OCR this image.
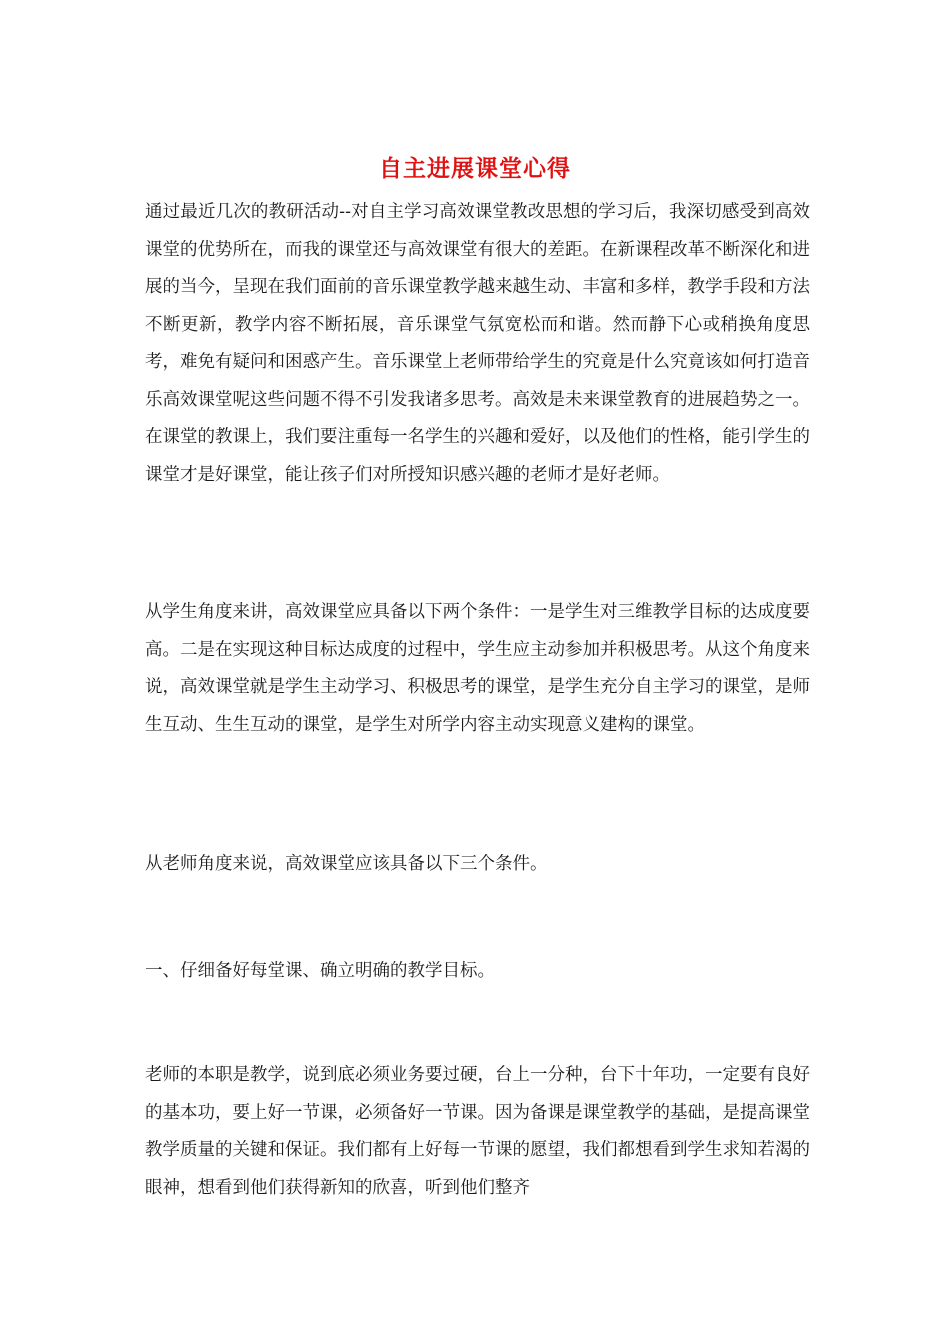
自主进展课堂心得

通过最近几次的教研活动--对自主学习高效课堂教改思想的学习后，我深切感受到高效课堂的优势所在，而我的课堂还与高效课堂有很大的差距。在新课程改革不断深化和进展的当今，呈现在我们面前的音乐课堂教学越来越生动、丰富和多样，教学手段和方法不断更新，教学内容不断拓展，音乐课堂气氛宽松而和谐。然而静下心或稍换角度思考，难免有疑问和困惑产生。音乐课堂上老师带给学生的究竟是什么究竟该如何打造音乐高效课堂呢这些问题不得不引发我诸多思考。高效是未来课堂教育的进展趋势之一。在课堂的教课上，我们要注重每一名学生的兴趣和爱好，以及他们的性格，能引学生的课堂才是好课堂，能让孩子们对所授知识感兴趣的老师才是好老师。

从学生角度来讲，高效课堂应具备以下两个条件：一是学生对三维教学目标的达成度要高。二是在实现这种目标达成度的过程中，学生应主动参加并积极思考。从这个角度来说，高效课堂就是学生主动学习、积极思考的课堂，是学生充分自主学习的课堂，是师生互动、生生互动的课堂，是学生对所学内容主动实现意义建构的课堂。

从老师角度来说，高效课堂应该具备以下三个条件。

一、仔细备好每堂课、确立明确的教学目标。

老师的本职是教学，说到底必须业务要过硬，台上一分种，台下十年功，一定要有良好的基本功，要上好一节课，必须备好一节课。因为备课是课堂教学的基础，是提高课堂教学质量的关键和保证。我们都有上好每一节课的愿望，我们都想看到学生求知若渴的眼神，想看到他们获得新知的欣喜，听到他们整齐
